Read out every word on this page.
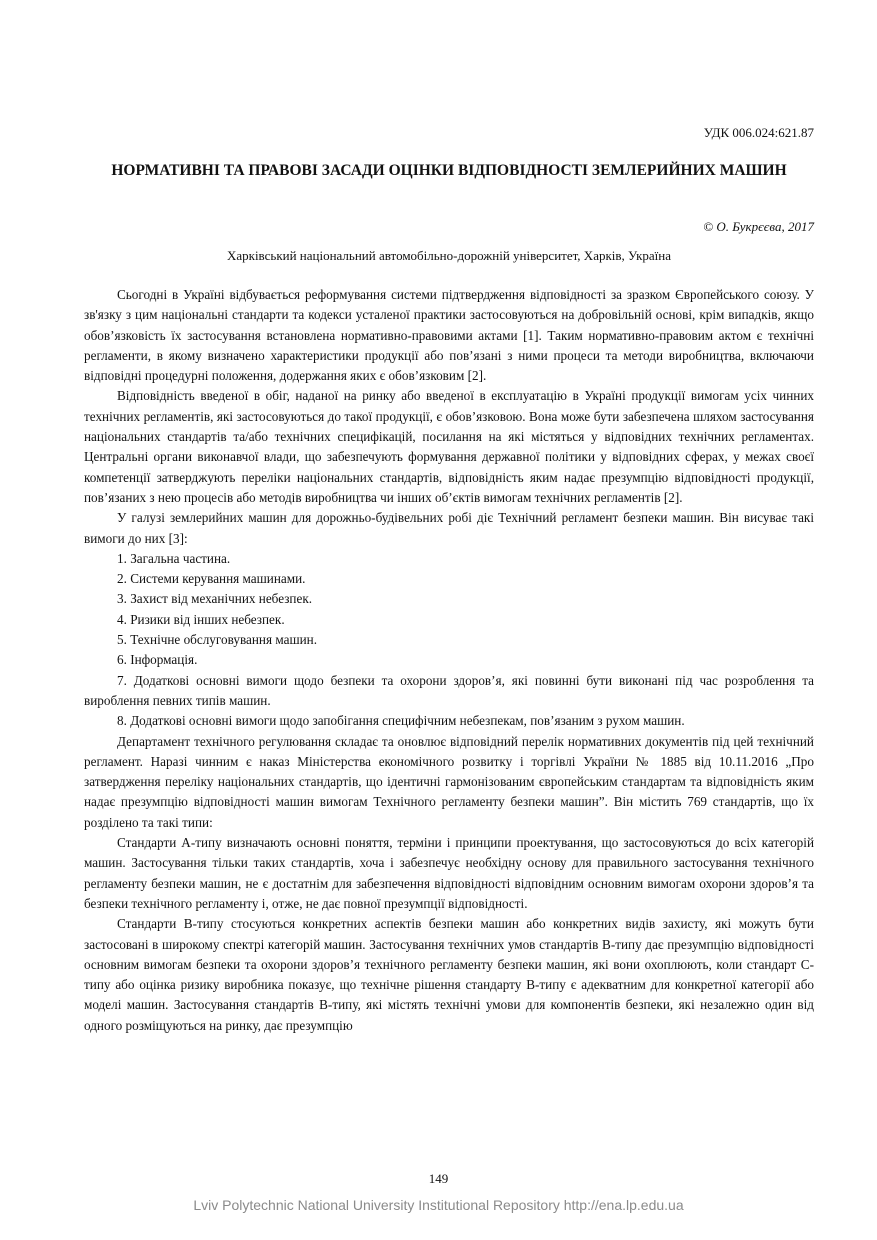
УДК 006.024:621.87
НОРМАТИВНІ ТА ПРАВОВІ ЗАСАДИ ОЦІНКИ ВІДПОВІДНОСТІ ЗЕМЛЕРИЙНИХ МАШИН
© О. Букрєєва, 2017
Харківський національний автомобільно-дорожній університет, Харків, Україна

Сьогодні в Україні відбувається реформування системи підтвердження відповідності за зразком Європейського союзу. У зв'язку з цим національні стандарти та кодекси усталеної практики застосовуються на добровільній основі, крім випадків, якщо обов’язковість їх застосування встановлена нормативно-правовими актами [1]. Таким нормативно-правовим актом є технічні регламенти, в якому визначено характеристики продукції або пов’язані з ними процеси та методи виробництва, включаючи відповідні процедурні положення, додержання яких є обов’язковим [2].

Відповідність введеної в обіг, наданої на ринку або введеної в експлуатацію в Україні продукції вимогам усіх чинних технічних регламентів, які застосовуються до такої продукції, є обов’язковою. Вона може бути забезпечена шляхом застосування національних стандартів та/або технічних специфікацій, посилання на які містяться у відповідних технічних регламентах. Центральні органи виконавчої влади, що забезпечують формування державної політики у відповідних сферах, у межах своєї компетенції затверджують переліки національних стандартів, відповідність яким надає презумпцію відповідності продукції, пов’язаних з нею процесів або методів виробництва чи інших об’єктів вимогам технічних регламентів [2].

У галузі землерийних машин для дорожньо-будівельних робі діє Технічний регламент безпеки машин. Він висуває такі вимоги до них [3]:

1. Загальна частина.

2. Системи керування машинами.

3. Захист від механічних небезпек.

4. Ризики від інших небезпек.

5. Технічне обслуговування машин.

6. Інформація.

7. Додаткові основні вимоги щодо безпеки та охорони здоров’я, які повинні бути виконані під час розроблення та вироблення певних типів машин.

8. Додаткові основні вимоги щодо запобігання специфічним небезпекам, пов’язаним з рухом машин.

Департамент технічного регулювання складає та оновлює відповідний перелік нормативних документів під цей технічний регламент. Наразі чинним є наказ Міністерства економічного розвитку і торгівлі України № 1885 від 10.11.2016 „Про затвердження переліку національних стандартів, що ідентичні гармонізованим європейським стандартам та відповідність яким надає презумпцію відповідності машин вимогам Технічного регламенту безпеки машин”. Він містить 769 стандартів, що їх розділено та такі типи:

Стандарти А-типу визначають основні поняття, терміни і принципи проектування, що застосовуються до всіх категорій машин. Застосування тільки таких стандартів, хоча і забезпечує необхідну основу для правильного застосування технічного регламенту безпеки машин, не є достатнім для забезпечення відповідності відповідним основним вимогам охорони здоров’я та безпеки технічного регламенту і, отже, не дає повної презумпції відповідності.

Стандарти В-типу стосуються конкретних аспектів безпеки машин або конкретних видів захисту, які можуть бути застосовані в широкому спектрі категорій машин. Застосування технічних умов стандартів В-типу дає презумпцію відповідності основним вимогам безпеки та охорони здоров’я технічного регламенту безпеки машин, які вони охоплюють, коли стандарт С-типу або оцінка ризику виробника показує, що технічне рішення стандарту В-типу є адекватним для конкретної категорії або моделі машин. Застосування стандартів В-типу, які містять технічні умови для компонентів безпеки, які незалежно один від одного розміщуються на ринку, дає презумпцію

149
Lviv Polytechnic National University Institutional Repository http://ena.lp.edu.ua
